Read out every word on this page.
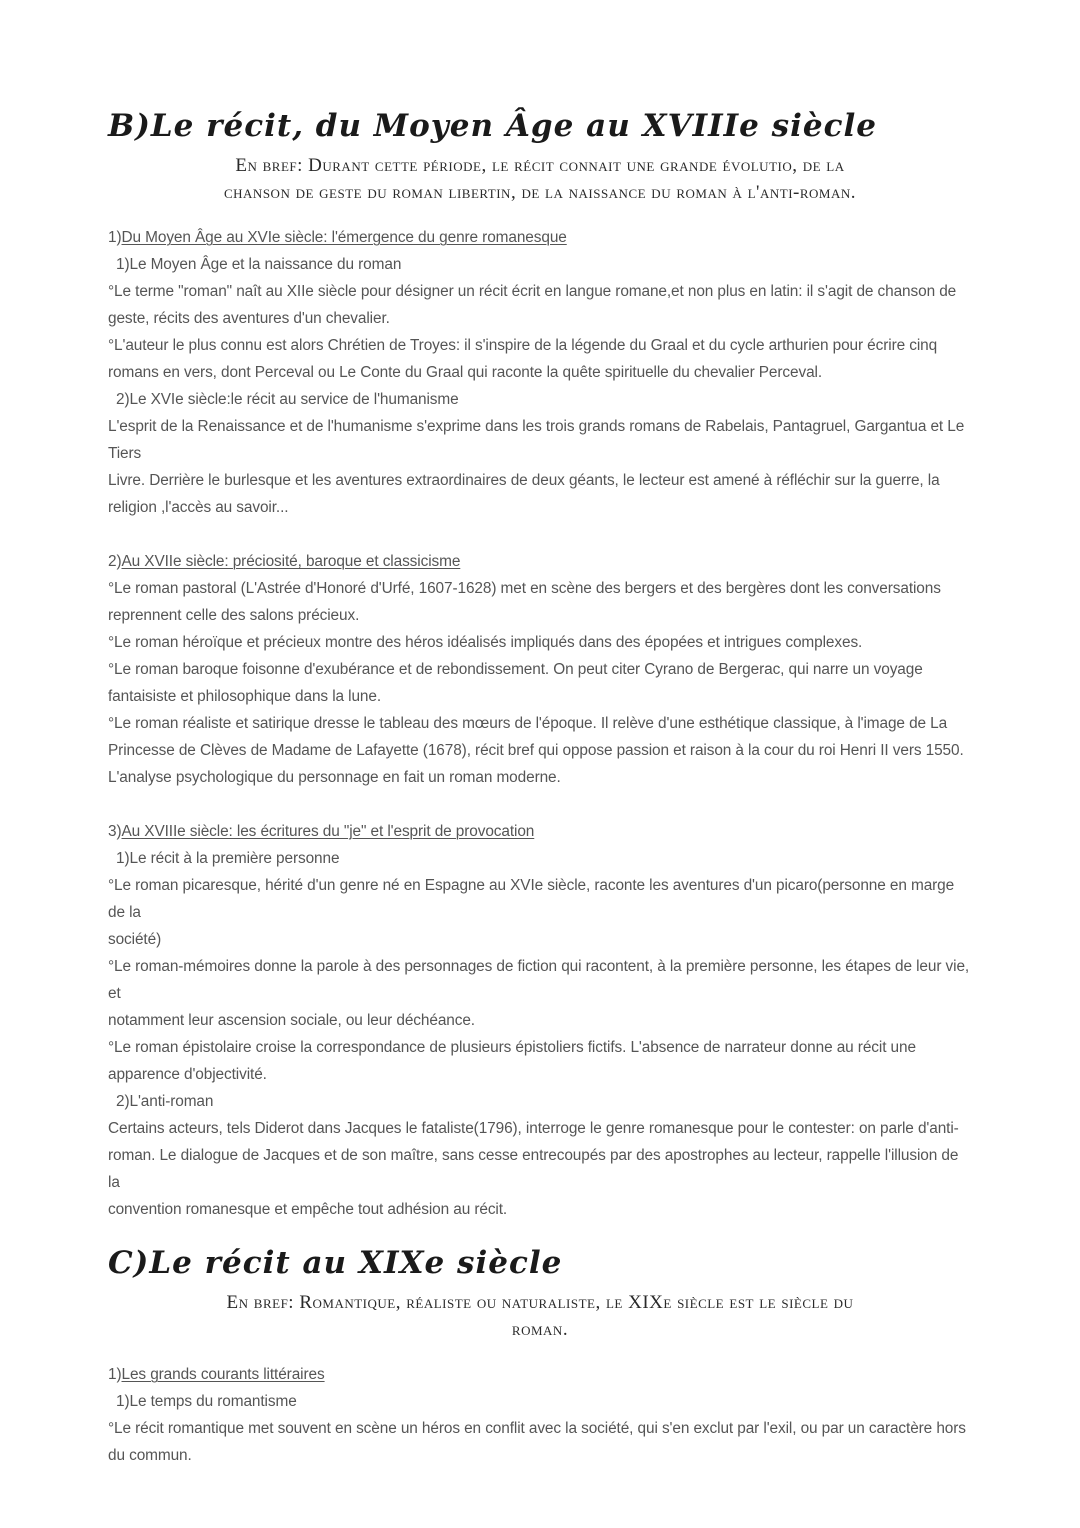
B)Le récit, du Moyen Âge au XVIIIe siècle
En bref: Durant cette période, le récit connait une grande évolutio, de la
chanson de geste du roman libertin, de la naissance du roman à l'anti-roman.

1)Du Moyen Âge au XVIe siècle: l'émergence du genre romanesque

1)Le Moyen Âge et la naissance du roman

°Le terme "roman" naît au XIIe siècle pour désigner un récit écrit en langue romane,et non plus en latin: il s'agit de chanson de

geste, récits des aventures d'un chevalier.

°L'auteur le plus connu est alors Chrétien de Troyes: il s'inspire de la légende du Graal et du cycle arthurien pour écrire cinq

romans en vers, dont Perceval ou Le Conte du Graal qui raconte la quête spirituelle du chevalier Perceval.

2)Le XVIe siècle:le récit au service de l'humanisme

L'esprit de la Renaissance et de l'humanisme s'exprime dans les trois grands romans de Rabelais, Pantagruel, Gargantua et Le Tiers

Livre. Derrière le burlesque et les aventures extraordinaires de deux géants, le lecteur est amené à réfléchir sur la guerre, la

religion ,l'accès au savoir...

2)Au XVIIe siècle: préciosité, baroque et classicisme

°Le roman pastoral (L'Astrée d'Honoré d'Urfé, 1607-1628) met en scène des bergers et des bergères dont les conversations

reprennent celle des salons précieux.

°Le roman héroïque et précieux montre des héros idéalisés impliqués dans des épopées et intrigues complexes.

°Le roman baroque foisonne d'exubérance et de rebondissement. On peut citer Cyrano de Bergerac, qui narre un voyage

fantaisiste et philosophique dans la lune.

°Le roman réaliste et satirique dresse le tableau des mœurs de l'époque. Il relève d'une esthétique classique, à l'image de La

Princesse de Clèves de Madame de Lafayette (1678), récit bref qui oppose passion et raison à la cour du roi Henri II vers 1550.

L'analyse psychologique du personnage en fait un roman moderne.

3)Au XVIIIe siècle: les écritures du "je" et l'esprit de provocation

1)Le récit à la première personne

°Le roman picaresque, hérité d'un genre né en Espagne au XVIe siècle, raconte les aventures d'un picaro(personne en marge de la

société)

°Le roman-mémoires donne la parole à des personnages de fiction qui racontent, à la première personne, les étapes de leur vie, et

notamment leur ascension sociale, ou leur déchéance.

°Le roman épistolaire croise la correspondance de plusieurs épistoliers fictifs. L'absence de narrateur donne au récit une

apparence d'objectivité.

2)L'anti-roman

Certains acteurs, tels Diderot dans Jacques le fataliste(1796), interroge le genre romanesque pour le contester: on parle d'anti-

roman. Le dialogue de Jacques et de son maître, sans cesse entrecoupés par des apostrophes au lecteur, rappelle l'illusion de la

convention romanesque et empêche tout adhésion au récit.

C)Le récit au XIXe siècle
En bref: Romantique, réaliste ou naturaliste, le XIXe siècle est le siècle du
roman.

1)Les grands courants littéraires

1)Le temps du romantisme

°Le récit romantique met souvent en scène un héros en conflit avec la société, qui s'en exclut par l'exil, ou par un caractère hors

du commun.
